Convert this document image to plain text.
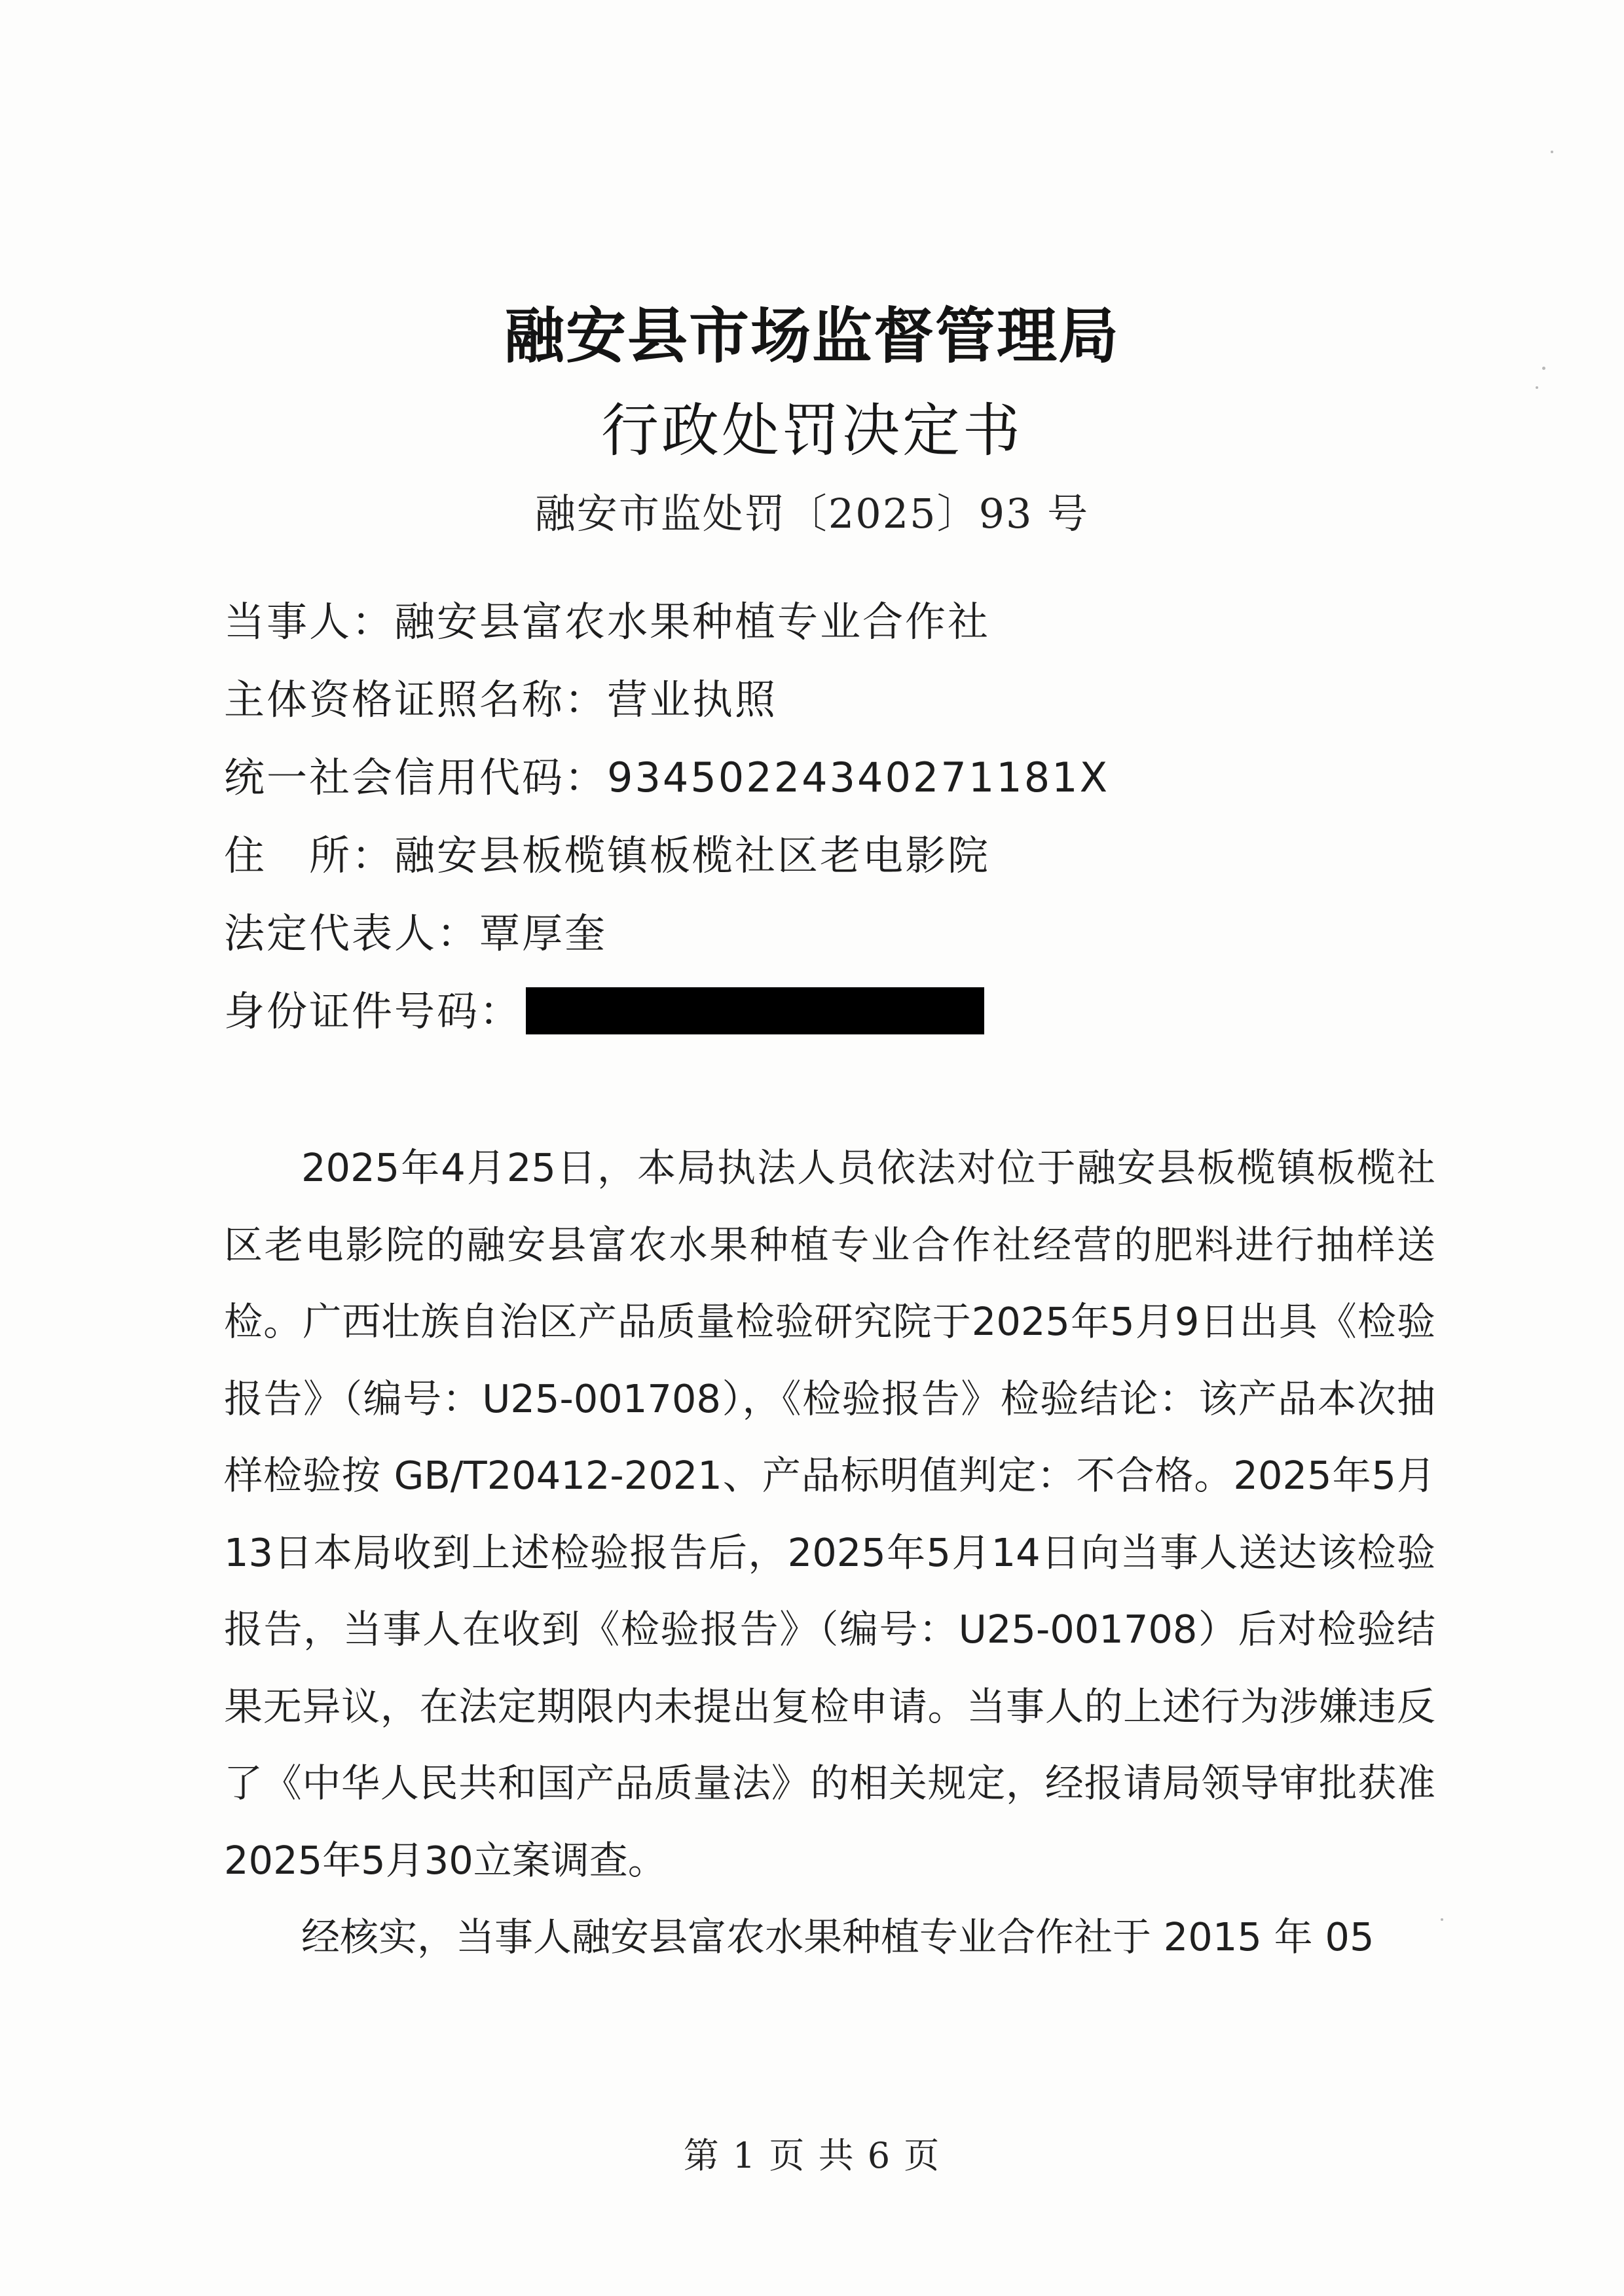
融安县市场监督管理局
行政处罚决定书
融安市监处罚〔2025〕93 号
当事人：融安县富农水果种植专业合作社
主体资格证照名称：营业执照
统一社会信用代码：93450224340271181X
住　所：融安县板榄镇板榄社区老电影院
法定代表人：覃厚奎
身份证件号码：

2025年4月25日，本局执法人员依法对位于融安县板榄镇板榄社区老电影院的融安县富农水果种植专业合作社经营的肥料进行抽样送检。广西壮族自治区产品质量检验研究院于2025年5月9日出具《检验报告》（编号：U25-001708），《检验报告》检验结论：该产品本次抽样检验按 GB/T20412-2021、产品标明值判定：不合格。2025年5月13日本局收到上述检验报告后，2025年5月14日向当事人送达该检验报告，当事人在收到《检验报告》（编号：U25-001708）后对检验结果无异议，在法定期限内未提出复检申请。当事人的上述行为涉嫌违反了《中华人民共和国产品质量法》的相关规定，经报请局领导审批获准2025年5月30立案调查。

经核实，当事人融安县富农水果种植专业合作社于 2015 年 05

第 1 页 共 6 页
